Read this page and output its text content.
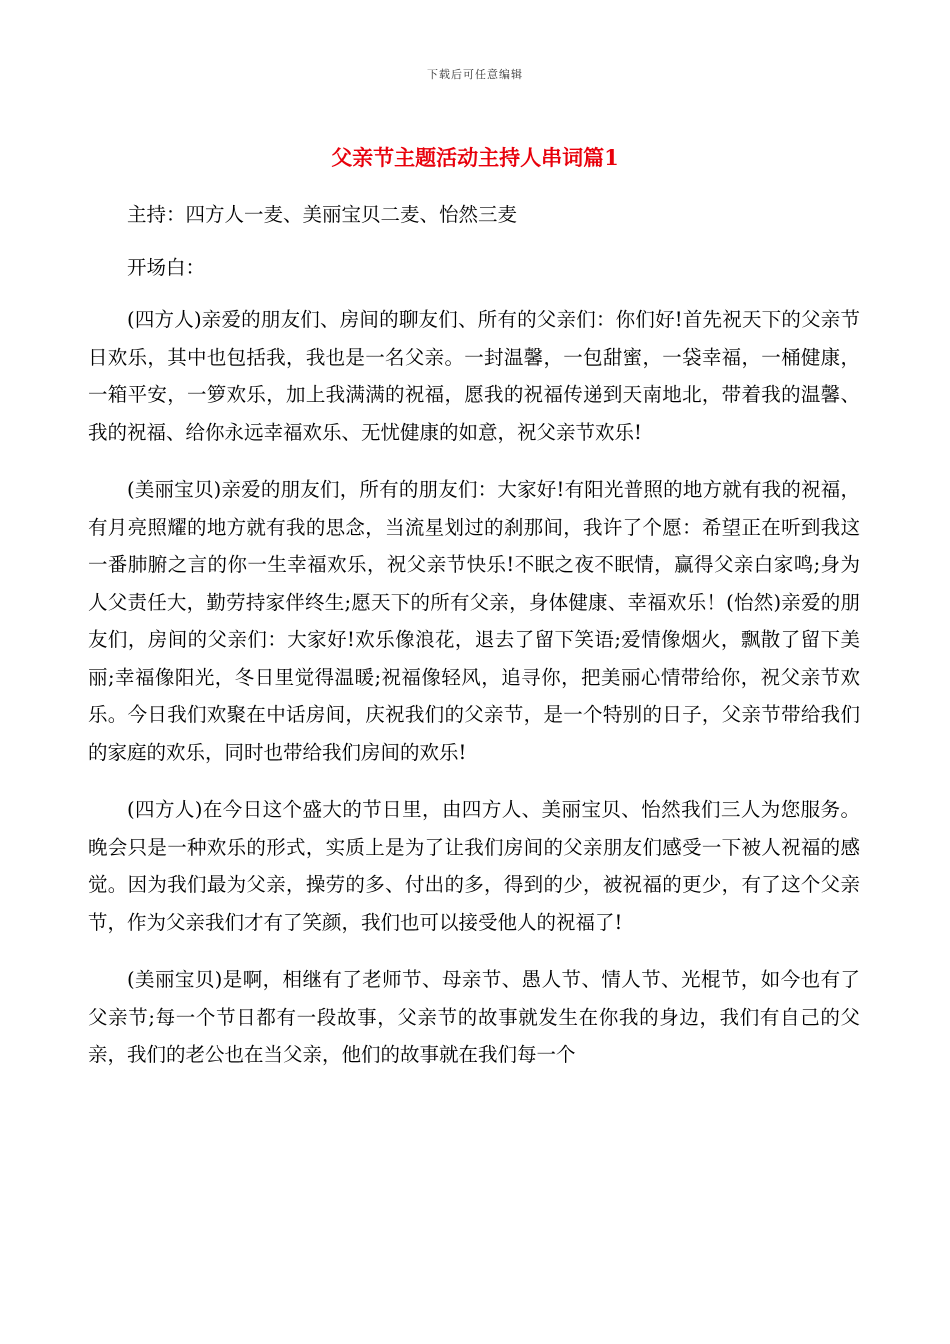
下载后可任意编辑
父亲节主题活动主持人串词篇1

主持：四方人一麦、美丽宝贝二麦、怡然三麦

开场白：

(四方人)亲爱的朋友们、房间的聊友们、所有的父亲们：你们好!首先祝天下的父亲节日欢乐，其中也包括我，我也是一名父亲。一封温馨，一包甜蜜，一袋幸福，一桶健康，一箱平安，一箩欢乐，加上我满满的祝福，愿我的祝福传递到天南地北，带着我的温馨、我的祝福、给你永远幸福欢乐、无忧健康的如意，祝父亲节欢乐!

(美丽宝贝)亲爱的朋友们，所有的朋友们：大家好!有阳光普照的地方就有我的祝福，有月亮照耀的地方就有我的思念，当流星划过的刹那间，我许了个愿：希望正在听到我这一番肺腑之言的你一生幸福欢乐，祝父亲节快乐!不眠之夜不眠情，赢得父亲白家鸣;身为人父责任大，勤劳持家伴终生;愿天下的所有父亲，身体健康、幸福欢乐！(怡然)亲爱的朋友们，房间的父亲们：大家好!欢乐像浪花，退去了留下笑语;爱情像烟火，飘散了留下美丽;幸福像阳光，冬日里觉得温暖;祝福像轻风，追寻你，把美丽心情带给你，祝父亲节欢乐。今日我们欢聚在中话房间，庆祝我们的父亲节，是一个特别的日子，父亲节带给我们的家庭的欢乐，同时也带给我们房间的欢乐!

(四方人)在今日这个盛大的节日里，由四方人、美丽宝贝、怡然我们三人为您服务。晚会只是一种欢乐的形式，实质上是为了让我们房间的父亲朋友们感受一下被人祝福的感觉。因为我们最为父亲，操劳的多、付出的多，得到的少，被祝福的更少，有了这个父亲节，作为父亲我们才有了笑颜，我们也可以接受他人的祝福了!

(美丽宝贝)是啊，相继有了老师节、母亲节、愚人节、情人节、光棍节，如今也有了父亲节;每一个节日都有一段故事，父亲节的故事就发生在你我的身边，我们有自己的父亲，我们的老公也在当父亲，他们的故事就在我们每一个
